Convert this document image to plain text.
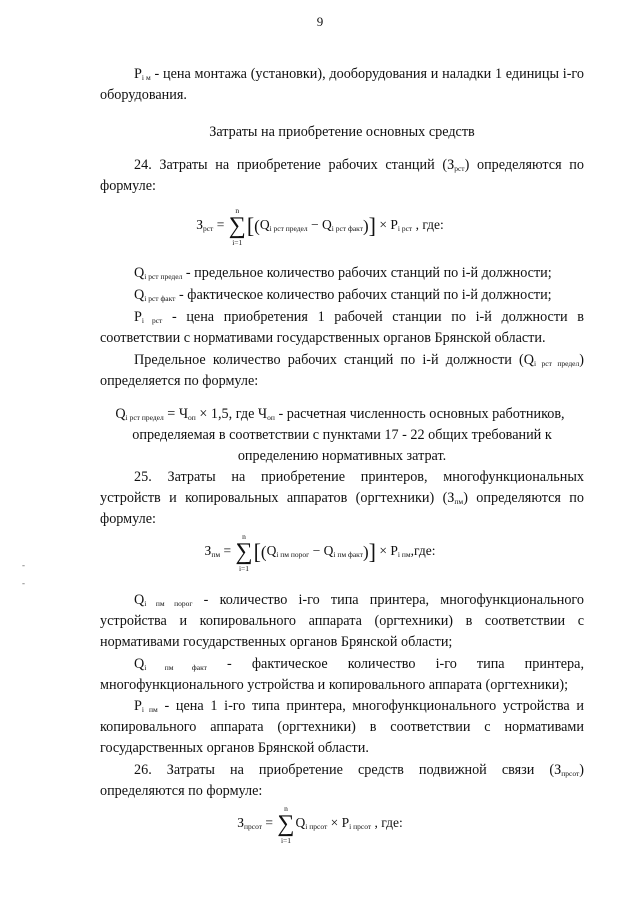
9
$P_{i м}$ - цена монтажа (установки), дооборудования и наладки 1 единицы i-го оборудования.
Затраты на приобретение основных средств
24. Затраты на приобретение рабочих станций $(З_{рст})$ определяются по
формуле:
$З_{рст}$ = ∑
n
i=1
$[(Q_{i рст предел} - Q_{i рст факт})] \times P_{i рст}$ , где:
$Q_{i рст предел}$ - предельное количество рабочих станций по i-й должности;
$Q_{i рст факт}$ - фактическое количество рабочих станций по i-й должности;
$P_{i рст}$ - цена приобретения 1 рабочей станции по i-й должности в
соответствии с нормативами государственных органов Брянской области.
Предельное количество рабочих станций по i-й должности $(Q_{i рст предел})$
определяется по формуле:
$Q_{i рст предел} = Ч_{оп} \times 1,5$, где $Ч_{оп}$ - расчетная численность основных работников,
определяемая в соответствии с пунктами 17 - 22 общих требований к
определению нормативных затрат.
25. Затраты на приобретение принтеров, многофункциональных
устройств и копировальных аппаратов (оргтехники) $(З_{пм})$ определяются по
формуле:
$З_{пм}$ = ∑
n
i=1
$[(Q_{i пм порог} - Q_{i пм факт})] \times P_{i пм},где$:
$Q_{i пм порог}$ - количество i-го типа принтера, многофункционального
устройства и копировального аппарата (оргтехники) в соответствии с
нормативами государственных органов Брянской области;
$Q_{i пм факт}$ - фактическое количество i-го типа принтера,
многофункционального устройства и копировального аппарата (оргтехники);
$P_{i пм}$ - цена 1 i-го типа принтера, многофункционального устройства и
копировального аппарата (оргтехники) в соответствии с нормативами
государственных органов Брянской области.
26. Затраты на приобретение средств подвижной связи $(З_{прсот})$
определяются по формуле:
$З_{прсот}$ = ∑
n
i=1
$Q_{i прсот} \times P_{i прсот}$ , где:
-
-
